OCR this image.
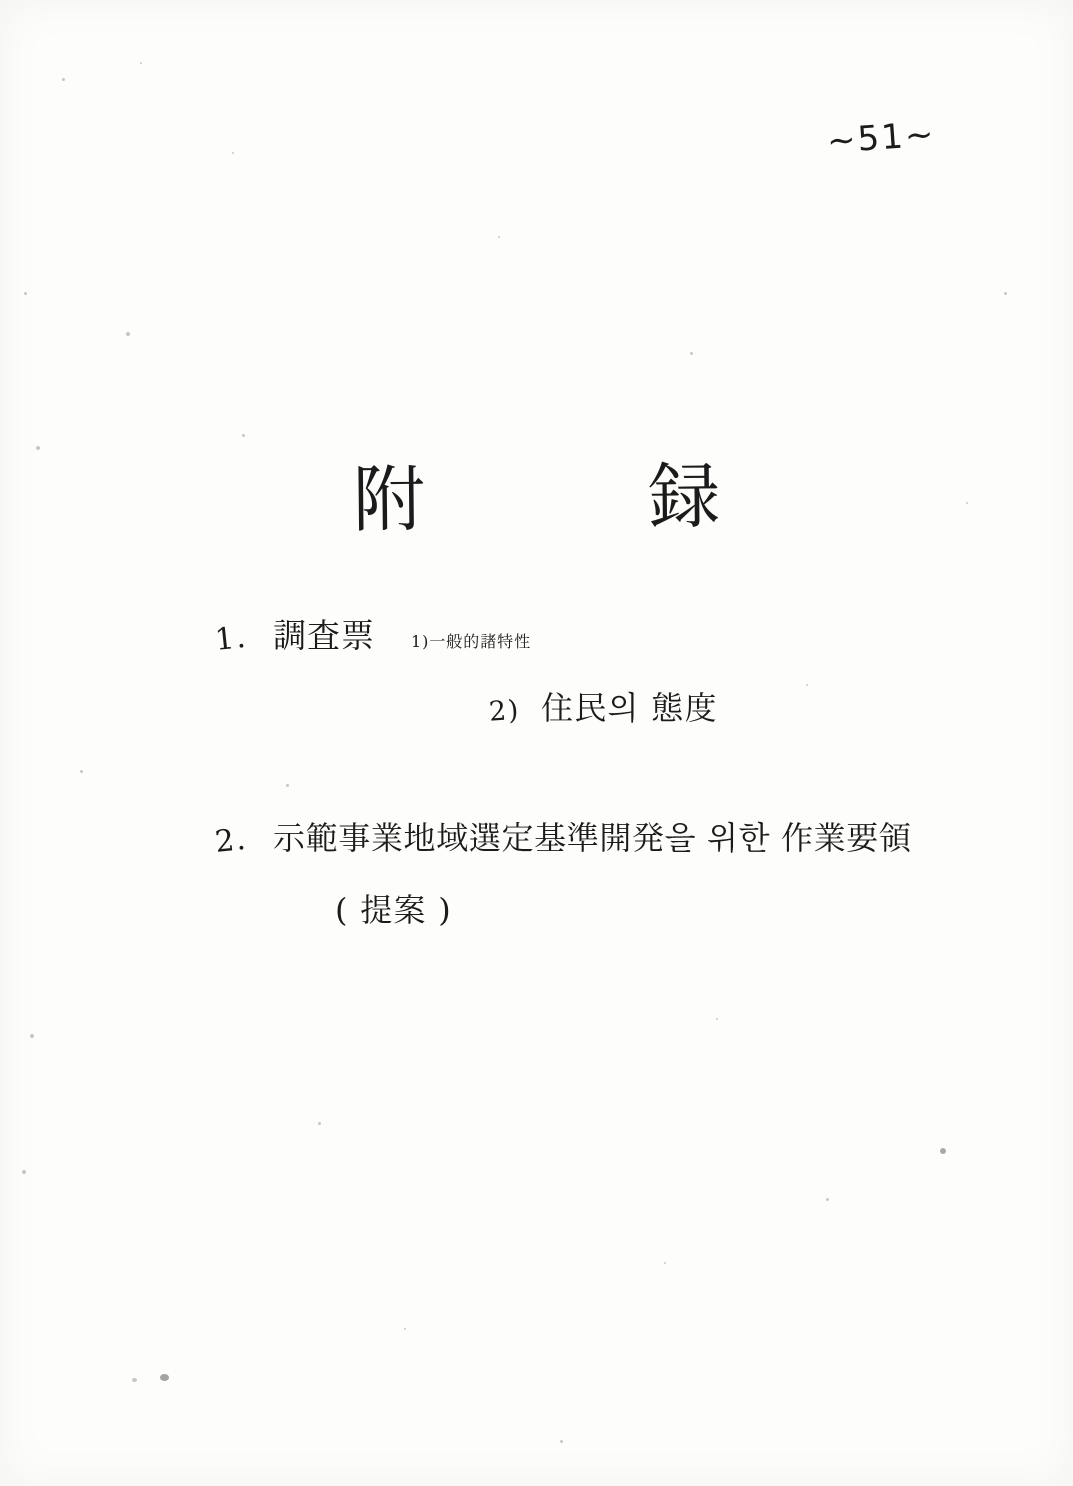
~51~
附　録
1. 調査票 1) 一般的諸特性
2) 住民의 態度
2. 示範事業地域選定基準開発을 위한 作業要領
( 提案 )
